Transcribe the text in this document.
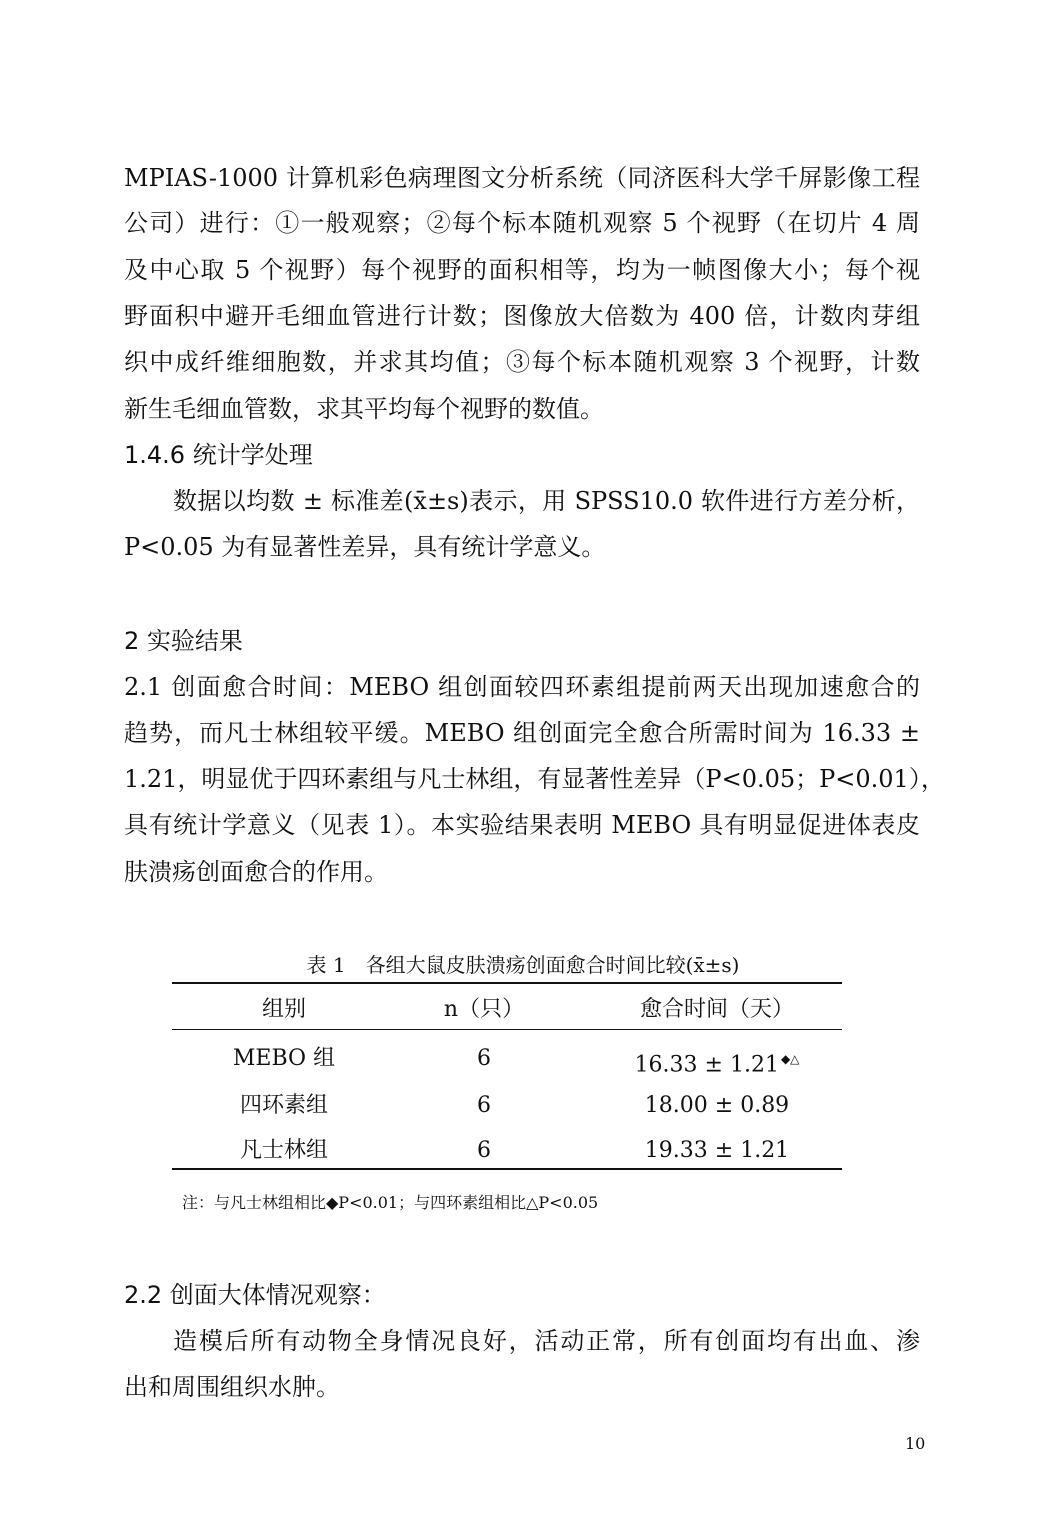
MPIAS-1000 计算机彩色病理图文分析系统（同济医科大学千屏影像工程
公司）进行：①一般观察；②每个标本随机观察 5 个视野（在切片 4 周
及中心取 5 个视野）每个视野的面积相等，均为一帧图像大小；每个视
野面积中避开毛细血管进行计数；图像放大倍数为 400 倍，计数肉芽组
织中成纤维细胞数，并求其均值；③每个标本随机观察 3 个视野，计数
新生毛细血管数，求其平均每个视野的数值。
1.4.6 统计学处理
数据以均数 ± 标准差(x̄±s)表示，用 SPSS10.0 软件进行方差分析，
P<0.05 为有显著性差异，具有统计学意义。
2 实验结果
2.1 创面愈合时间：MEBO 组创面较四环素组提前两天出现加速愈合的
趋势，而凡士林组较平缓。MEBO 组创面完全愈合所需时间为 16.33 ±
1.21，明显优于四环素组与凡士林组，有显著性差异（P<0.05；P<0.01），
具有统计学意义（见表 1）。本实验结果表明 MEBO 具有明显促进体表皮
肤溃疡创面愈合的作用。
表 1　各组大鼠皮肤溃疡创面愈合时间比较(x̄±s)
组别	n（只）	愈合时间（天）
MEBO 组	6	16.33 ± 1.21 ◆△
四环素组	6	18.00 ± 0.89
凡士林组	6	19.33 ± 1.21
注：与凡士林组相比◆P<0.01；与四环素组相比△P<0.05
2.2 创面大体情况观察：
造模后所有动物全身情况良好，活动正常，所有创面均有出血、渗
出和周围组织水肿。
10
